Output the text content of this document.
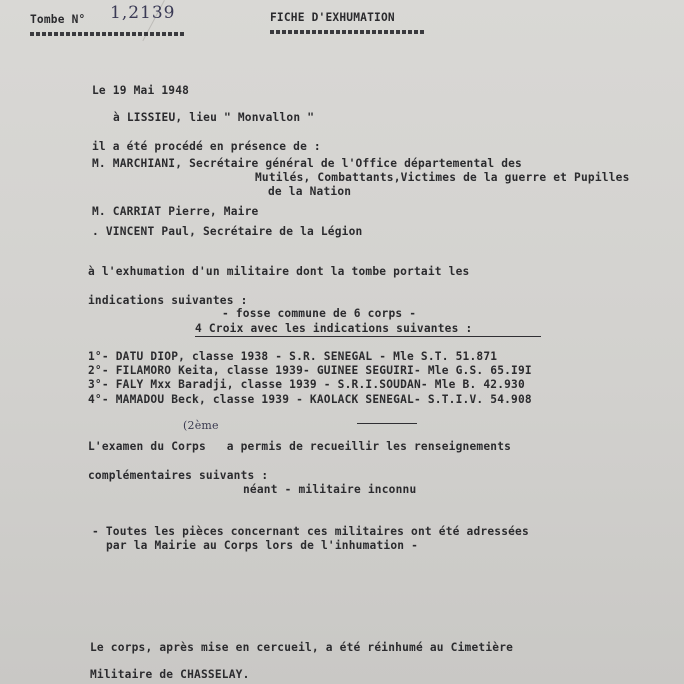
Tombe N° 1,2139	FICHE D'EXHUMATION
Le 19 Mai 1948
à LISSIEU, lieu " Monvallon "
il a été procédé en présence de :
M. MARCHIANI, Secrétaire général de l'Office départemental des
Mutilés, Combattants,Victimes de la guerre et Pupilles
de la Nation
M. CARRIAT Pierre, Maire
. VINCENT Paul, Secrétaire de la Légion
à l'exhumation d'un militaire dont la tombe portait les
indications suivantes :
- fosse commune de 6 corps -
4 Croix avec les indications suivantes :
1°- DATU DIOP, classe 1938 - S.R. SENEGAL - Mle S.T. 51.871
2°- FILAMORO Keita, classe 1939- GUINEE SEGUIRI- Mle G.S. 65.I9I
3°- FALY Mxx Baradji, classe 1939 - S.R.I.SOUDAN- Mle B. 42.930
4°- MAMADOU Beck, classe 1939 - KAOLACK SENEGAL- S.T.I.V. 54.908
(2ème
L'examen du Corps   a permis de recueillir les renseignements
complémentaires suivants :
néant - militaire inconnu
- Toutes les pièces concernant ces militaires ont été adressées
par la Mairie au Corps lors de l'inhumation -
Le corps, après mise en cercueil, a été réinhumé au Cimetière
Militaire de CHASSELAY.
